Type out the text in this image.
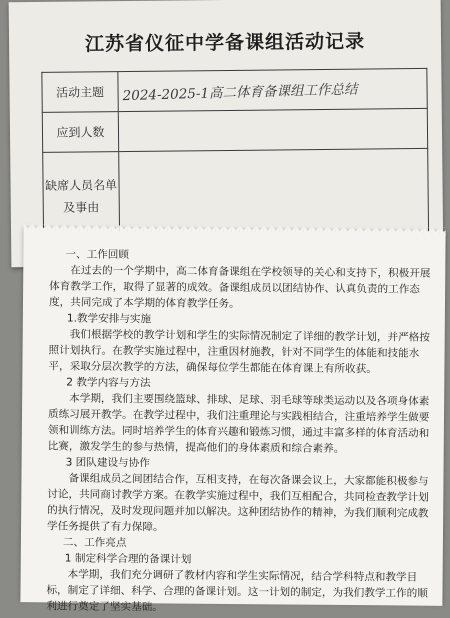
江苏省仪征中学备课组活动记录
活动主题	2024-2025-1高二体育备课组工作总结

应到人数	

缺席人员名单
及事由	

一、工作回顾

在过去的一个学期中，高二体育备课组在学校领导的关心和支持下，积极开展体育教学工作，取得了显著的成效。备课组成员以团结协作、认真负责的工作态度，共同完成了本学期的体育教学任务。

1.教学安排与实施

我们根据学校的教学计划和学生的实际情况制定了详细的教学计划，并严格按照计划执行。在教学实施过程中，注重因材施教，针对不同学生的体能和技能水平，采取分层次教学的方法，确保每位学生都能在体育课上有所收获。

2 教学内容与方法

本学期，我们主要围绕篮球、排球、足球、羽毛球等球类运动以及各项身体素质练习展开教学。在教学过程中，我们注重理论与实践相结合，注重培养学生做要领和训练方法。同时培养学生的体育兴趣和锻炼习惯，通过丰富多样的体育活动和比赛，激发学生的参与热情，提高他们的身体素质和综合素养。

3 团队建设与协作

备课组成员之间团结合作，互相支持，在每次备课会议上，大家都能积极参与讨论，共同商讨教学方案。在教学实施过程中，我们互相配合，共同检查教学计划的执行情况，及时发现问题并加以解决。这种团结协作的精神，为我们顺利完成教学任务提供了有力保障。

二、工作亮点

1 制定科学合理的备课计划

本学期，我们充分调研了教材内容和学生实际情况，结合学科特点和教学目标，制定了详细、科学、合理的备课计划。这一计划的制定，为我们教学工作的顺利进行奠定了坚实基础。
